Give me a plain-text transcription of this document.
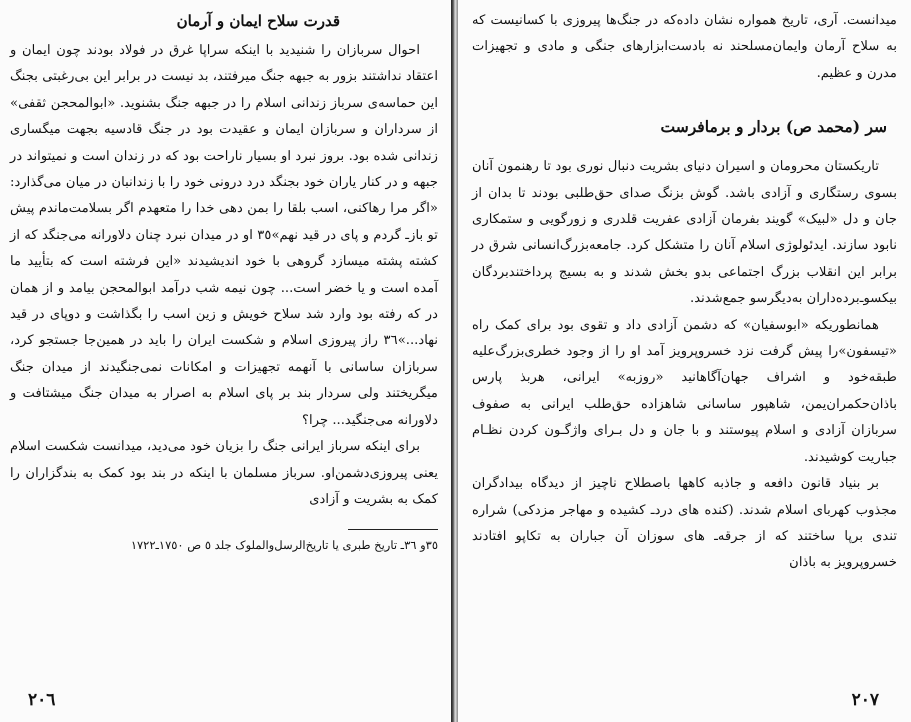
قدرت سلاح ایمان و آرمان

احوال سربازان را شنیدید با اینکه سراپا غرق در فولاد بودند چون ایمان و اعتقاد نداشتند بزور به جبهه جنگ میرفتند، بد نیست در برابر این بی‌رغبتی بجنگ این حماسه‌ی سرباز زندانی اسلام را در جبهه جنگ بشنوید. «ابوالمحجن ثقفی» از سرداران و سربازان ایمان و عقیدت بود در جنگ قادسیه بجهت میگساری زندانی شده بود. بروز نبرد او بسیار ناراحت بود که در زندان است و نمیتواند در جبهه و در کنار یاران خود بجنگد درد درونی خود را با زندانبان در میان می‌گذارد: «اگر مرا رهاکنی، اسب بلقا را بمن دهی خدا را متعهدم اگر بسلامت‌ماندم پیش تو باز‌ـ گردم و پای در قید نهم»٣٥ او در میدان نبرد چنان دلاورانه می‌جنگد که از کشته پشته میسازد گروهی با خود اندیشیدند «این فرشته است که بتأیید ما آمده است و یا خضر است... چون نیمه شب درآمد ابوالمحجن بیامد و از همان در که رفته بود وارد شد سلاح خویش و زین اسب را بگذاشت و دوپای در قید نهاد...»٣٦ راز پیروزی اسلام و شکست ایران را باید در همین‌جا جستجو کرد، سربازان ساسانی با آنهمه تجهیزات و امکانات نمی‌جنگیدند از میدان جنگ میگریختند ولی سردار بند بر پای اسلام به اصرار به میدان جنگ میشتافت و دلاورانه می‌جنگید... چرا؟

برای اینکه سرباز ایرانی جنگ را بزیان خود می‌دید، میدانست شکست اسلام یعنی پیروزی‌دشمن‌او. سرباز مسلمان با اینکه در بند بود کمک به بندگزاران را کمک به بشریت و آزادی

٣٥و ٣٦ـ تاریخ طبری یا تاریخ‌الرسل‌والملوک جلد ٥ ص ١٧٥٠ـ١٧٢٢
٢٠٦

میدانست. آری، تاریخ همواره نشان داده‌که در جنگ‌ها پیروزی با کسانیست که به سلاح آرمان وایمان‌مسلحند نه بادست‌ابزارهای جنگی و مادی و تجهیزات مدرن و عظیم.

سر (محمد ص) بردار و برمافرست

تاریکستان محرومان و اسیران دنیای بشریت دنبال نوری بود تا رهنمون آنان بسوی رستگاری و آزادی باشد. گوش بزنگ صدای حق‌طلبی بودند تا بدان از جان و دل «لبیک» گویند بفرمان آزادی عفریت قلدری و زورگویی و ستمکاری نابود سازند. ایدئولوژی اسلام آنان را متشکل کرد. جامعه‌بزرگ‌انسانی شرق در برابر این انقلاب بزرگ اجتماعی بدو بخش شدند و به بسیج پرداختند‌بردگان بیکسو‌ـ‌برده‌داران به‌دیگرسو جمع‌شدند.

همانطوریکه «ابوسفیان» که دشمن آزادی داد و تقوی بود برای کمک راه «تیسفون»را پیش گرفت نزد خسروپرویز آمد او را از وجود خطری‌بزرگ‌علیه طبقه‌خود و اشراف جهان‌آگاهانید «روزبه» ایرانی، هربذ پارس باذان‌حکمران‌یمن، شاهپور ساسانی شاهزاده حق‌طلب ایرانی به صفوف سربازان آزادی و اسلام پیوستند و با جان و دل بـرای واژگـون کردن نظـام جباریت کوشیدند.

بر بنیاد قانون دافعه و جاذبه کاهها باصطلاح ناچیز از دیدگاه بیدادگران مجذوب کهربای اسلام شدند. (کنده های درد‌ـ کشیده و مهاجر مزدکی) شراره تندی برپا ساختند که از جرقه‌ـ های سوزان آن جباران به تکاپو افتادند خسروپرویز به باذان

٢٠٧
